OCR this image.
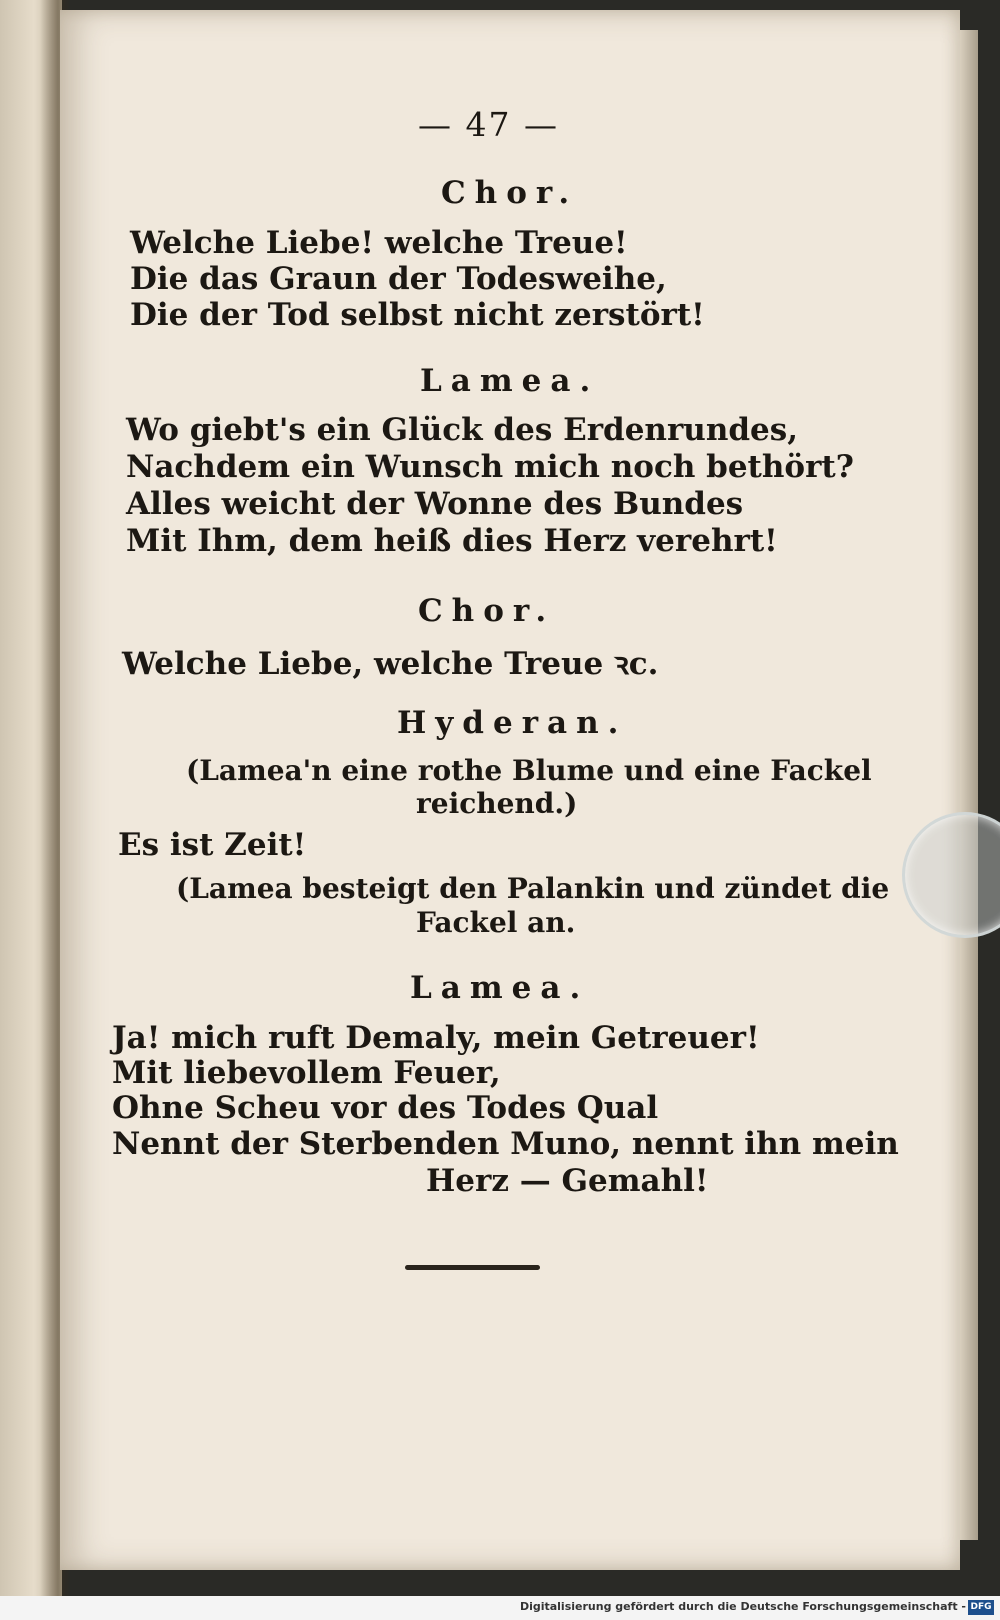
— 47 —
Chor.
Welche Liebe! welche Treue!
Die das Graun der Todesweihe,
Die der Tod selbst nicht zerstört!
Lamea.
Wo giebt's ein Glück des Erdenrundes,
Nachdem ein Wunsch mich noch bethört?
Alles weicht der Wonne des Bundes
Mit Ihm, dem heiß dies Herz verehrt!
Chor.
Welche Liebe, welche Treue ꝛc.
Hyderan.
(Lamea'n eine rothe Blume und eine Fackel
reichend.)
Es ist Zeit!
(Lamea besteigt den Palankin und zündet die
Fackel an.
Lamea.
Ja! mich ruft Demaly, mein Getreuer!
Mit liebevollem Feuer,
Ohne Scheu vor des Todes Qual
Nennt der Sterbenden Muno, nennt ihn mein
Herz — Gemahl!
Digitalisierung gefördert durch die Deutsche Forschungsgemeinschaft - DFG
